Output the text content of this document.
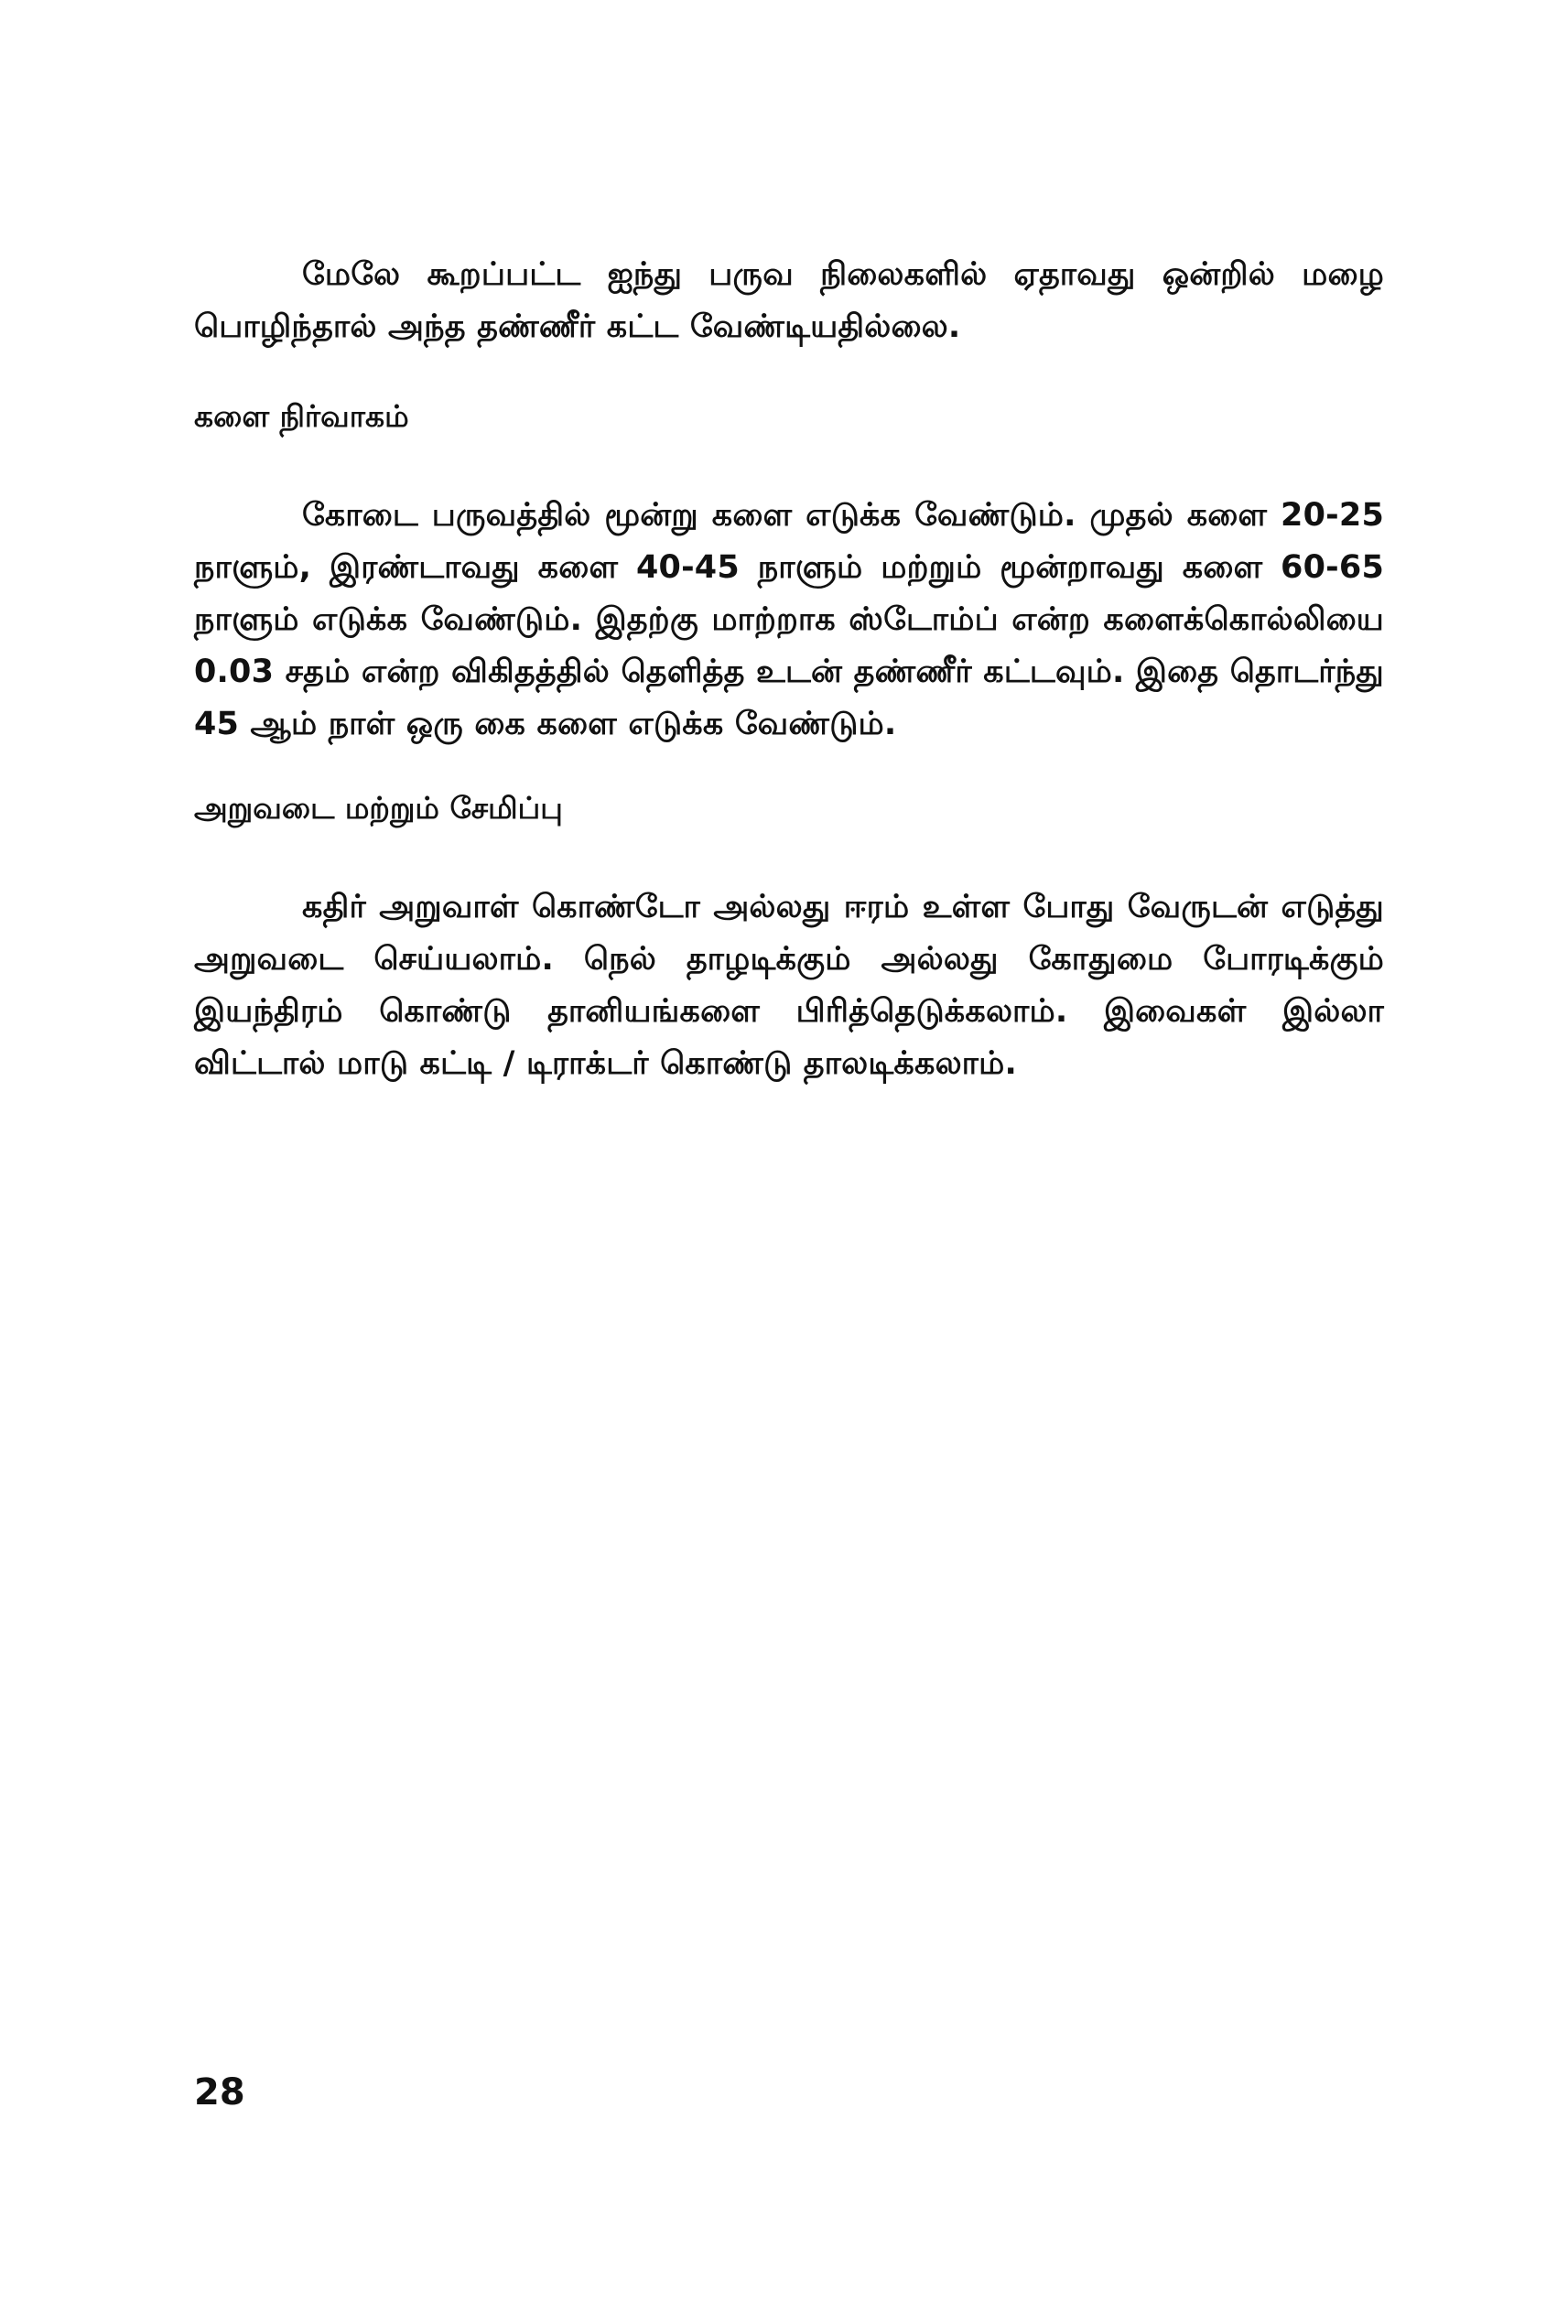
மேலே கூறப்பட்ட ஐந்து பருவ நிலைகளில் ஏதாவது ஒன்றில் மழை பொழிந்தால் அந்த தண்ணீர் கட்ட வேண்டியதில்லை.

களை நிர்வாகம்

கோடை பருவத்தில் மூன்று களை எடுக்க வேண்டும். முதல் களை 20-25 நாளும், இரண்டாவது களை 40-45 நாளும் மற்றும் மூன்றாவது களை 60-65 நாளும் எடுக்க வேண்டும். இதற்கு மாற்றாக ஸ்டோம்ப் என்ற களைக்கொல்லியை 0.03 சதம் என்ற விகிதத்தில் தெளித்த உடன் தண்ணீர் கட்டவும். இதை தொடர்ந்து 45 ஆம் நாள் ஒரு கை களை எடுக்க வேண்டும்.

அறுவடை மற்றும் சேமிப்பு

கதிர் அறுவாள் கொண்டோ அல்லது ஈரம் உள்ள போது வேருடன் எடுத்து அறுவடை செய்யலாம். நெல் தாழடிக்கும் அல்லது கோதுமை போரடிக்கும் இயந்திரம் கொண்டு தானியங்களை பிரித்தெடுக்கலாம். இவைகள் இல்லா விட்டால் மாடு கட்டி / டிராக்டர் கொண்டு தாலடிக்கலாம்.

28
